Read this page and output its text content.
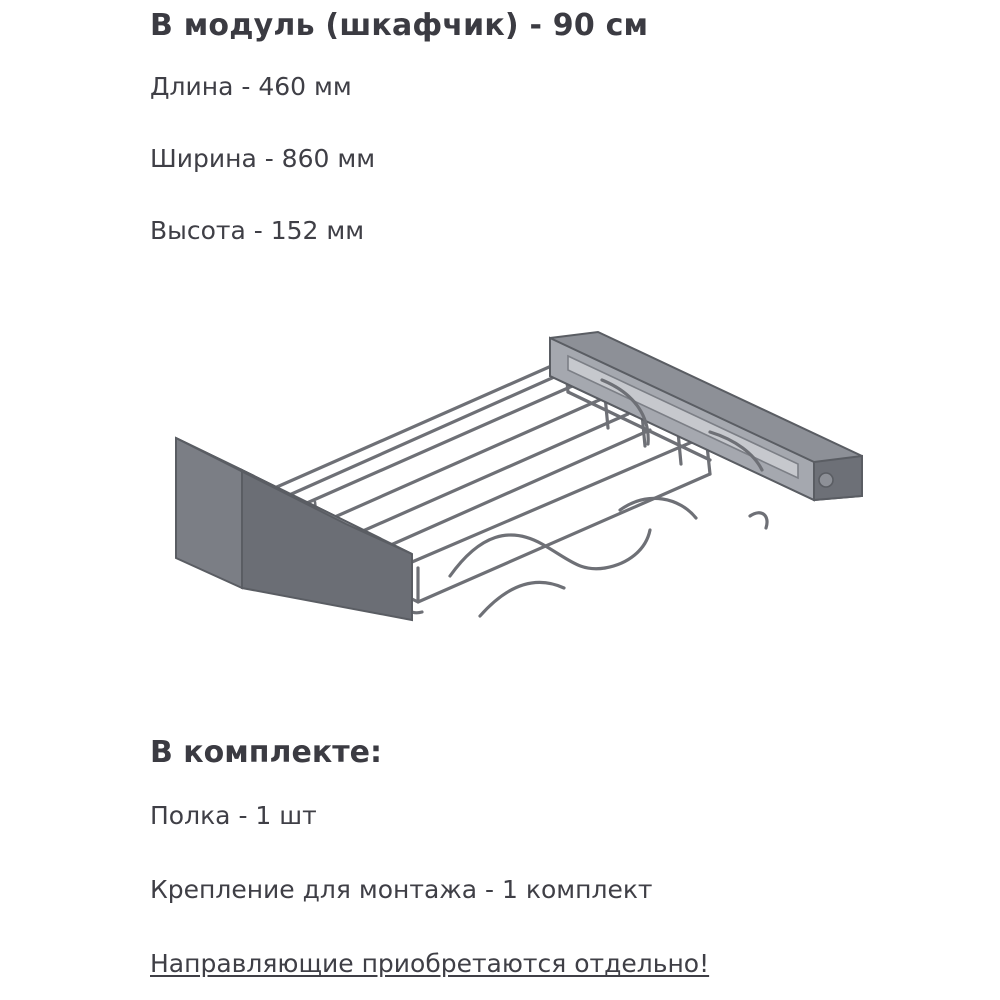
В модуль (шкафчик) - 90 см

Длина - 460 мм

Ширина - 860 мм

Высота - 152 мм

В комплекте:

Полка - 1 шт

Крепление для монтажа - 1 комплект

Направляющие приобретаются отдельно!
